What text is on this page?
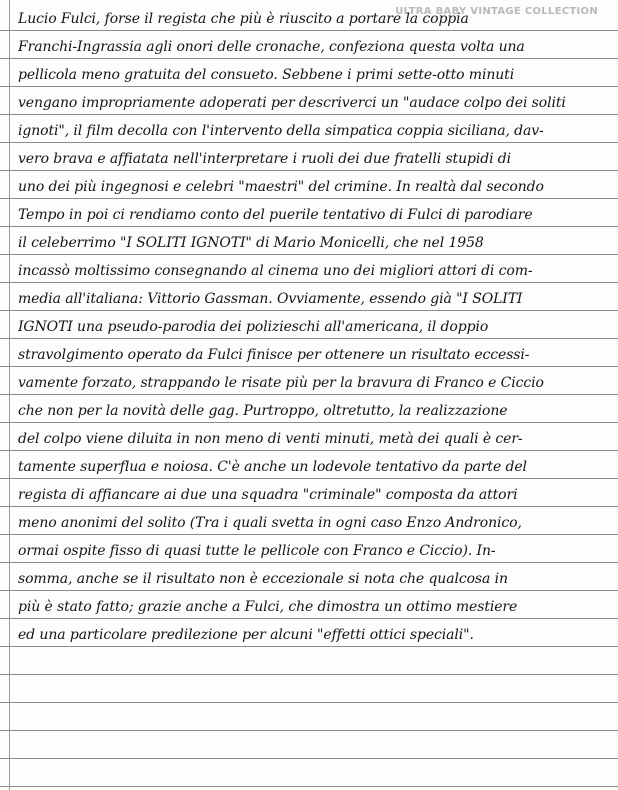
ULTRA BABY VINTAGE COLLECTION
Lucio Fulci, forse il regista che più è riuscito a portare la coppia
Franchi-Ingrassia agli onori delle cronache, confeziona questa volta una
pellicola meno gratuita del consueto. Sebbene i primi sette-otto minuti
vengano impropriamente adoperati per descriverci un "audace colpo dei soliti
ignoti", il film decolla con l'intervento della simpatica coppia siciliana, dav-
vero brava e affiatata nell'interpretare i ruoli dei due fratelli stupidi di
uno dei più ingegnosi e celebri "maestri" del crimine. In realtà dal secondo
Tempo in poi ci rendiamo conto del puerile tentativo di Fulci di parodiare
il celeberrimo "I SOLITI IGNOTI" di Mario Monicelli, che nel 1958
incassò moltissimo consegnando al cinema uno dei migliori attori di com-
media all'italiana: Vittorio Gassman. Ovviamente, essendo già "I SOLITI
IGNOTI una pseudo-parodia dei polizieschi all'americana, il doppio
stravolgimento operato da Fulci finisce per ottenere un risultato eccessi-
vamente forzato, strappando le risate più per la bravura di Franco e Ciccio
che non per la novità delle gag. Purtroppo, oltretutto, la realizzazione
del colpo viene diluita in non meno di venti minuti, metà dei quali è cer-
tamente superflua e noiosa. C'è anche un lodevole tentativo da parte del
regista di affiancare ai due una squadra "criminale" composta da attori
meno anonimi del solito (Tra i quali svetta in ogni caso Enzo Andronico,
ormai ospite fisso di quasi tutte le pellicole con Franco e Ciccio). In-
somma, anche se il risultato non è eccezionale si nota che qualcosa in
più è stato fatto; grazie anche a Fulci, che dimostra un ottimo mestiere
ed una particolare predilezione per alcuni "effetti ottici speciali".
